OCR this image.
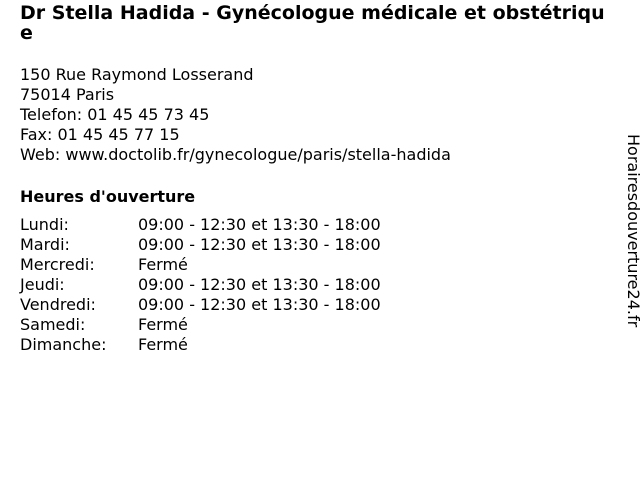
Dr Stella Hadida - Gynécologue médicale et obstétrique
150 Rue Raymond Losserand
75014 Paris
Telefon: 01 45 45 73 45
Fax: 01 45 45 77 15
Web: www.doctolib.fr/gynecologue/paris/stella-hadida
Heures d'ouverture
Lundi:	09:00 - 12:30 et 13:30 - 18:00
Mardi:	09:00 - 12:30 et 13:30 - 18:00
Mercredi:	Fermé
Jeudi:	09:00 - 12:30 et 13:30 - 18:00
Vendredi:	09:00 - 12:30 et 13:30 - 18:00
Samedi:	Fermé
Dimanche:	Fermé
Horairesdouverture24.fr
